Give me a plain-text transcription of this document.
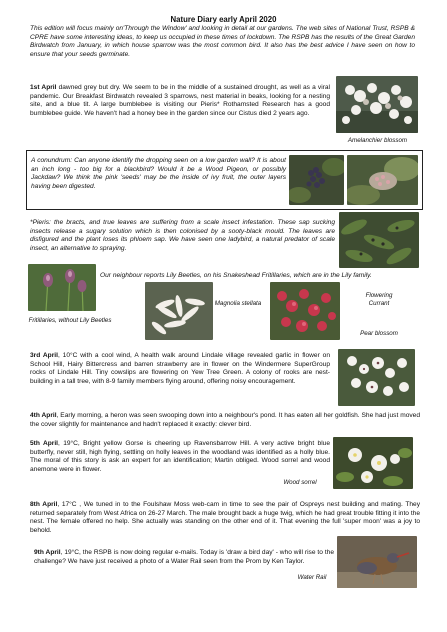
Nature Diary early April 2020
This edition will focus mainly on'Through the Window' and looking in detail at our gardens. The web sites of National Trust, RSPB & CPRE have some interesting ideas, to keep us occupied in these times of lockdown. The RSPB has the results of the Great Garden Birdwatch from January, in which house sparrow was the most common bird. It also has the best advice I have seen on how to ensure that your seeds germinate.
1st April dawned grey but dry. We seem to be in the middle of a sustained drought, as well as a viral pandemic. Our Breakfast Birdwatch revealed 3 sparrows, nest material in beaks, looking for a nesting site, and a blue tit. A large bumblebee is visiting our Pieris* Rothamsted Research has a good bumblebee guide. We haven't had a honey bee in the garden since our Cistus died 2 years ago.
Amelanchier blossom
A conundrum: Can anyone identify the dropping seen on a low garden wall? It is about an inch long - too big for a blackbird? Would it be a Wood Pigeon, or possibly Jackdaw? We think the pink 'seeds' may be the inside of ivy fruit, the outer layers having been digested.
*Pieris: the bracts, and true leaves are suffering from a scale insect infestation. These sap sucking insects release a sugary solution which is then colonised by a sooty-black mould. The leaves are disfigured and the plant loses its phloem sap. We have seen one ladybird, a natural predator of scale insect, an alternative to spraying.
Our neighbour reports Lily Beetles, on his Snakeshead Fritillaries, which are in the Lily family.
Fritillaries, without Lily Beetles
Magnolia stellata
Flowering Currant
Pear blossom
3rd April, 10°C with a cool wind, A health walk around Lindale village revealed garlic in flower on School Hill, Hairy Bittercress and barren strawberry are in flower on the Windermere SuperGroup rocks of Lindale Hill. Tiny cowslips are flowering on Yew Tree Green. A colony of rooks are nest-building in a tall tree, with 8-9 family members flying around, offering noisy encouragement.
4th April, Early morning, a heron was seen swooping down into a neighbour's pond. It has eaten all her goldfish. She had just moved the cover slightly for maintenance and hadn't replaced it exactly: clever bird.
5th April, 19°C, Bright yellow Gorse is cheering up Ravensbarrow Hill. A very active bright blue butterfly, never still, high flying, settling on holly leaves in the woodland was identified as a holly blue. The moral of this story is ask an expert for an identification; Martin obliged. Wood sorrel and wood anemone were in flower.
Wood sorrel
8th April, 17°C , We tuned in to the Foulshaw Moss web-cam in time to see the pair of Ospreys nest building and mating. They returned separately from West Africa on 26-27 March. The male brought back a huge twig, which he had great trouble fitting it into the nest. The female offered no help. She actually was standing on the other end of it. That evening the full 'super moon' was a joy to behold.
9th April, 19°C, the RSPB is now doing regular e-mails. Today is 'draw a bird day' - who will rise to the challenge? We have just received a photo of a Water Rail seen from the Prom by Ken Taylor.
Water Rail
